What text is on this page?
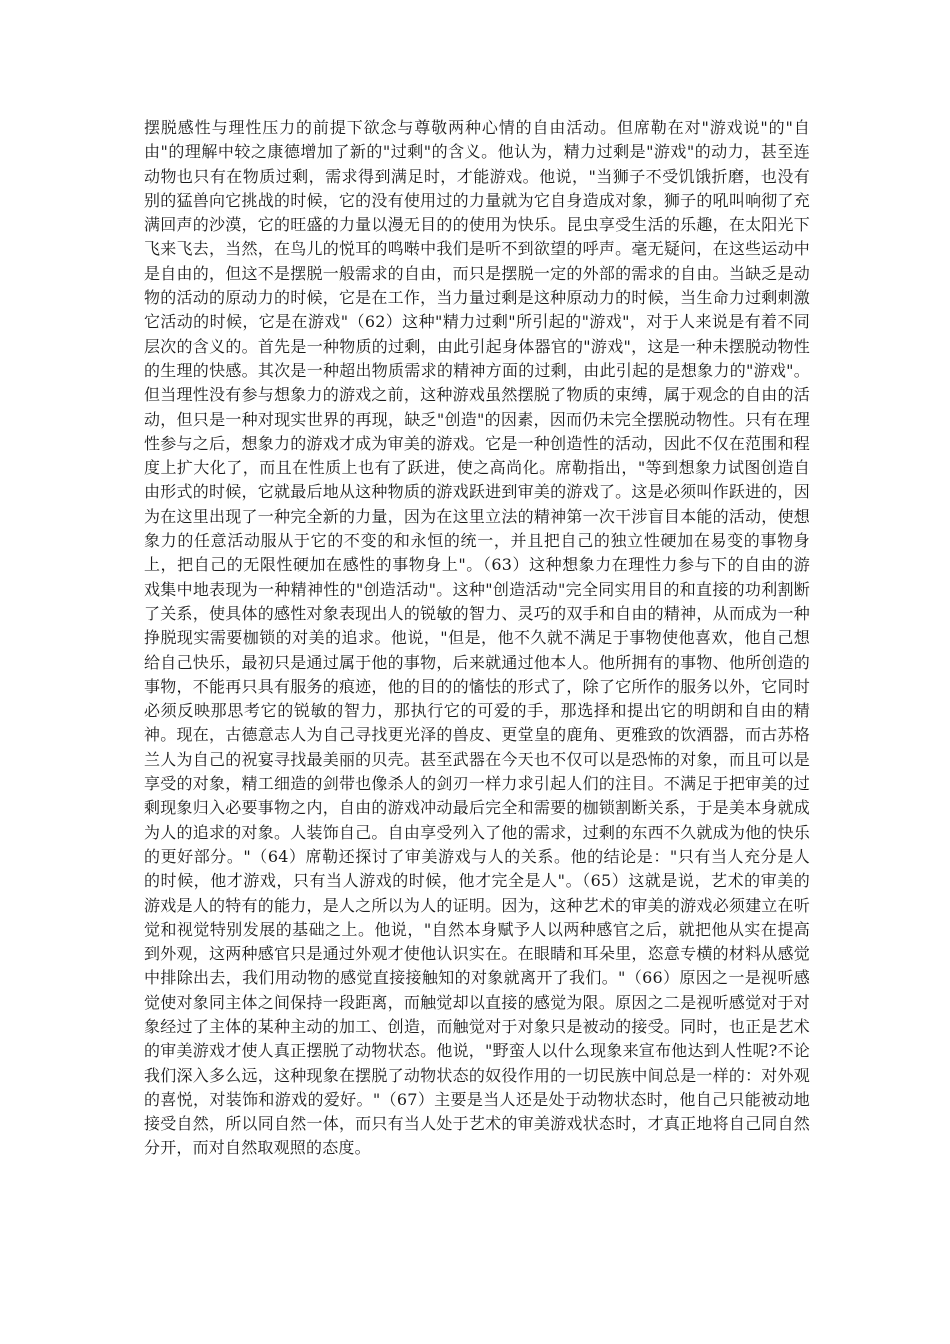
摆脱感性与理性压力的前提下欲念与尊敬两种心情的自由活动。但席勒在对"游戏说"的"自由"的理解中较之康德增加了新的"过剩"的含义。他认为，精力过剩是"游戏"的动力，甚至连动物也只有在物质过剩，需求得到满足时，才能游戏。他说，"当狮子不受饥饿折磨，也没有别的猛兽向它挑战的时候，它的没有使用过的力量就为它自身造成对象，狮子的吼叫响彻了充满回声的沙漠，它的旺盛的力量以漫无目的的使用为快乐。昆虫享受生活的乐趣，在太阳光下飞来飞去，当然，在鸟儿的悦耳的鸣啭中我们是听不到欲望的呼声。毫无疑问，在这些运动中是自由的，但这不是摆脱一般需求的自由，而只是摆脱一定的外部的需求的自由。当缺乏是动物的活动的原动力的时候，它是在工作，当力量过剩是这种原动力的时候，当生命力过剩刺激它活动的时候，它是在游戏"（62）这种"精力过剩"所引起的"游戏"，对于人来说是有着不同层次的含义的。首先是一种物质的过剩，由此引起身体器官的"游戏"，这是一种未摆脱动物性的生理的快感。其次是一种超出物质需求的精神方面的过剩，由此引起的是想象力的"游戏"。但当理性没有参与想象力的游戏之前，这种游戏虽然摆脱了物质的束缚，属于观念的自由的活动，但只是一种对现实世界的再现，缺乏"创造"的因素，因而仍未完全摆脱动物性。只有在理性参与之后，想象力的游戏才成为审美的游戏。它是一种创造性的活动，因此不仅在范围和程度上扩大化了，而且在性质上也有了跃进，使之高尚化。席勒指出，"等到想象力试图创造自由形式的时候，它就最后地从这种物质的游戏跃进到审美的游戏了。这是必须叫作跃进的，因为在这里出现了一种完全新的力量，因为在这里立法的精神第一次干涉盲目本能的活动，使想象力的任意活动服从于它的不变的和永恒的统一，并且把自己的独立性硬加在易变的事物身上，把自己的无限性硬加在感性的事物身上"。（63）这种想象力在理性力参与下的自由的游戏集中地表现为一种精神性的"创造活动"。这种"创造活动"完全同实用目的和直接的功利割断了关系，使具体的感性对象表现出人的锐敏的智力、灵巧的双手和自由的精神，从而成为一种挣脱现实需要枷锁的对美的追求。他说，"但是，他不久就不满足于事物使他喜欢，他自己想给自己快乐，最初只是通过属于他的事物，后来就通过他本人。他所拥有的事物、他所创造的事物，不能再只具有服务的痕迹，他的目的的慉怯的形式了，除了它所作的服务以外，它同时必须反映那思考它的锐敏的智力，那执行它的可爱的手，那选择和提出它的明朗和自由的精神。现在，古德意志人为自己寻找更光泽的兽皮、更堂皇的鹿角、更雅致的饮酒器，而古苏格兰人为自己的祝宴寻找最美丽的贝壳。甚至武器在今天也不仅可以是恐怖的对象，而且可以是享受的对象，精工细造的剑带也像杀人的剑刃一样力求引起人们的注目。不满足于把审美的过剩现象归入必要事物之内，自由的游戏冲动最后完全和需要的枷锁割断关系，于是美本身就成为人的追求的对象。人装饰自己。自由享受列入了他的需求，过剩的东西不久就成为他的快乐的更好部分。"（64）席勒还探讨了审美游戏与人的关系。他的结论是："只有当人充分是人的时候，他才游戏，只有当人游戏的时候，他才完全是人"。（65）这就是说，艺术的审美的游戏是人的特有的能力，是人之所以为人的证明。因为，这种艺术的审美的游戏必须建立在听觉和视觉特别发展的基础之上。他说，"自然本身赋予人以两种感官之后，就把他从实在提高到外观，这两种感官只是通过外观才使他认识实在。在眼睛和耳朵里，恣意专横的材料从感觉中排除出去，我们用动物的感觉直接接触知的对象就离开了我们。"（66）原因之一是视听感觉使对象同主体之间保持一段距离，而触觉却以直接的感觉为限。原因之二是视听感觉对于对象经过了主体的某种主动的加工、创造，而触觉对于对象只是被动的接受。同时，也正是艺术的审美游戏才使人真正摆脱了动物状态。他说，"野蛮人以什么现象来宣布他达到人性呢?不论我们深入多么远，这种现象在摆脱了动物状态的奴役作用的一切民族中间总是一样的：对外观的喜悦，对装饰和游戏的爱好。"（67）主要是当人还是处于动物状态时，他自己只能被动地接受自然，所以同自然一体，而只有当人处于艺术的审美游戏状态时，才真正地将自己同自然分开，而对自然取观照的态度。
